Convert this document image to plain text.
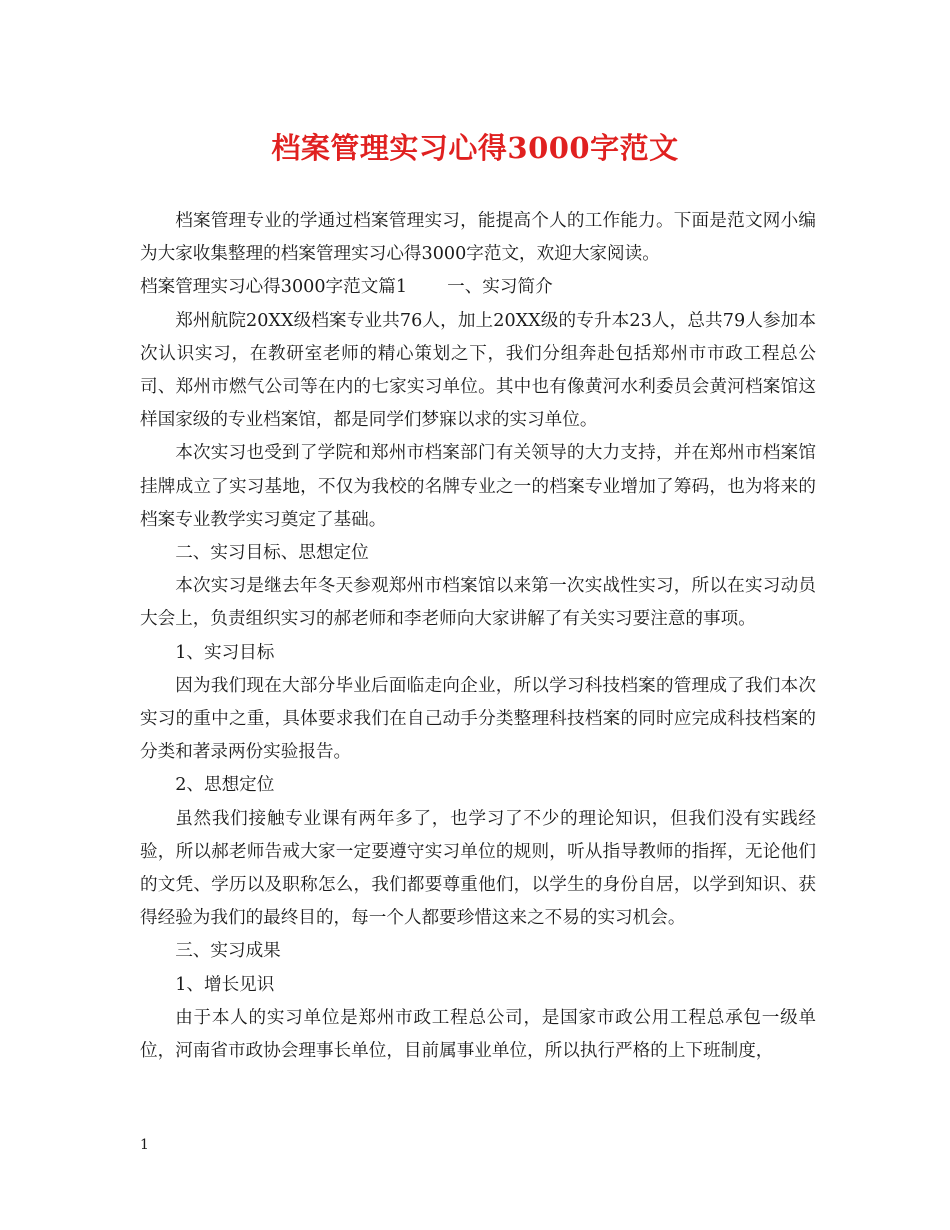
档案管理实习心得3000字范文

档案管理专业的学通过档案管理实习，能提高个人的工作能力。下面是范文网小编为大家收集整理的档案管理实习心得3000字范文，欢迎大家阅读。

档案管理实习心得3000字范文篇1 一、实习简介

郑州航院20XX级档案专业共76人，加上20XX级的专升本23人，总共79人参加本次认识实习，在教研室老师的精心策划之下，我们分组奔赴包括郑州市市政工程总公司、郑州市燃气公司等在内的七家实习单位。其中也有像黄河水利委员会黄河档案馆这样国家级的专业档案馆，都是同学们梦寐以求的实习单位。

本次实习也受到了学院和郑州市档案部门有关领导的大力支持，并在郑州市档案馆挂牌成立了实习基地，不仅为我校的名牌专业之一的档案专业增加了筹码，也为将来的档案专业教学实习奠定了基础。

二、实习目标、思想定位

本次实习是继去年冬天参观郑州市档案馆以来第一次实战性实习，所以在实习动员大会上，负责组织实习的郝老师和李老师向大家讲解了有关实习要注意的事项。

1、实习目标

因为我们现在大部分毕业后面临走向企业，所以学习科技档案的管理成了我们本次实习的重中之重，具体要求我们在自己动手分类整理科技档案的同时应完成科技档案的分类和著录两份实验报告。

2、思想定位

虽然我们接触专业课有两年多了，也学习了不少的理论知识，但我们没有实践经验，所以郝老师告戒大家一定要遵守实习单位的规则，听从指导教师的指挥，无论他们的文凭、学历以及职称怎么，我们都要尊重他们，以学生的身份自居，以学到知识、获得经验为我们的最终目的，每一个人都要珍惜这来之不易的实习机会。

三、实习成果

1、增长见识

由于本人的实习单位是郑州市政工程总公司，是国家市政公用工程总承包一级单位，河南省市政协会理事长单位，目前属事业单位，所以执行严格的上下班制度，

1
